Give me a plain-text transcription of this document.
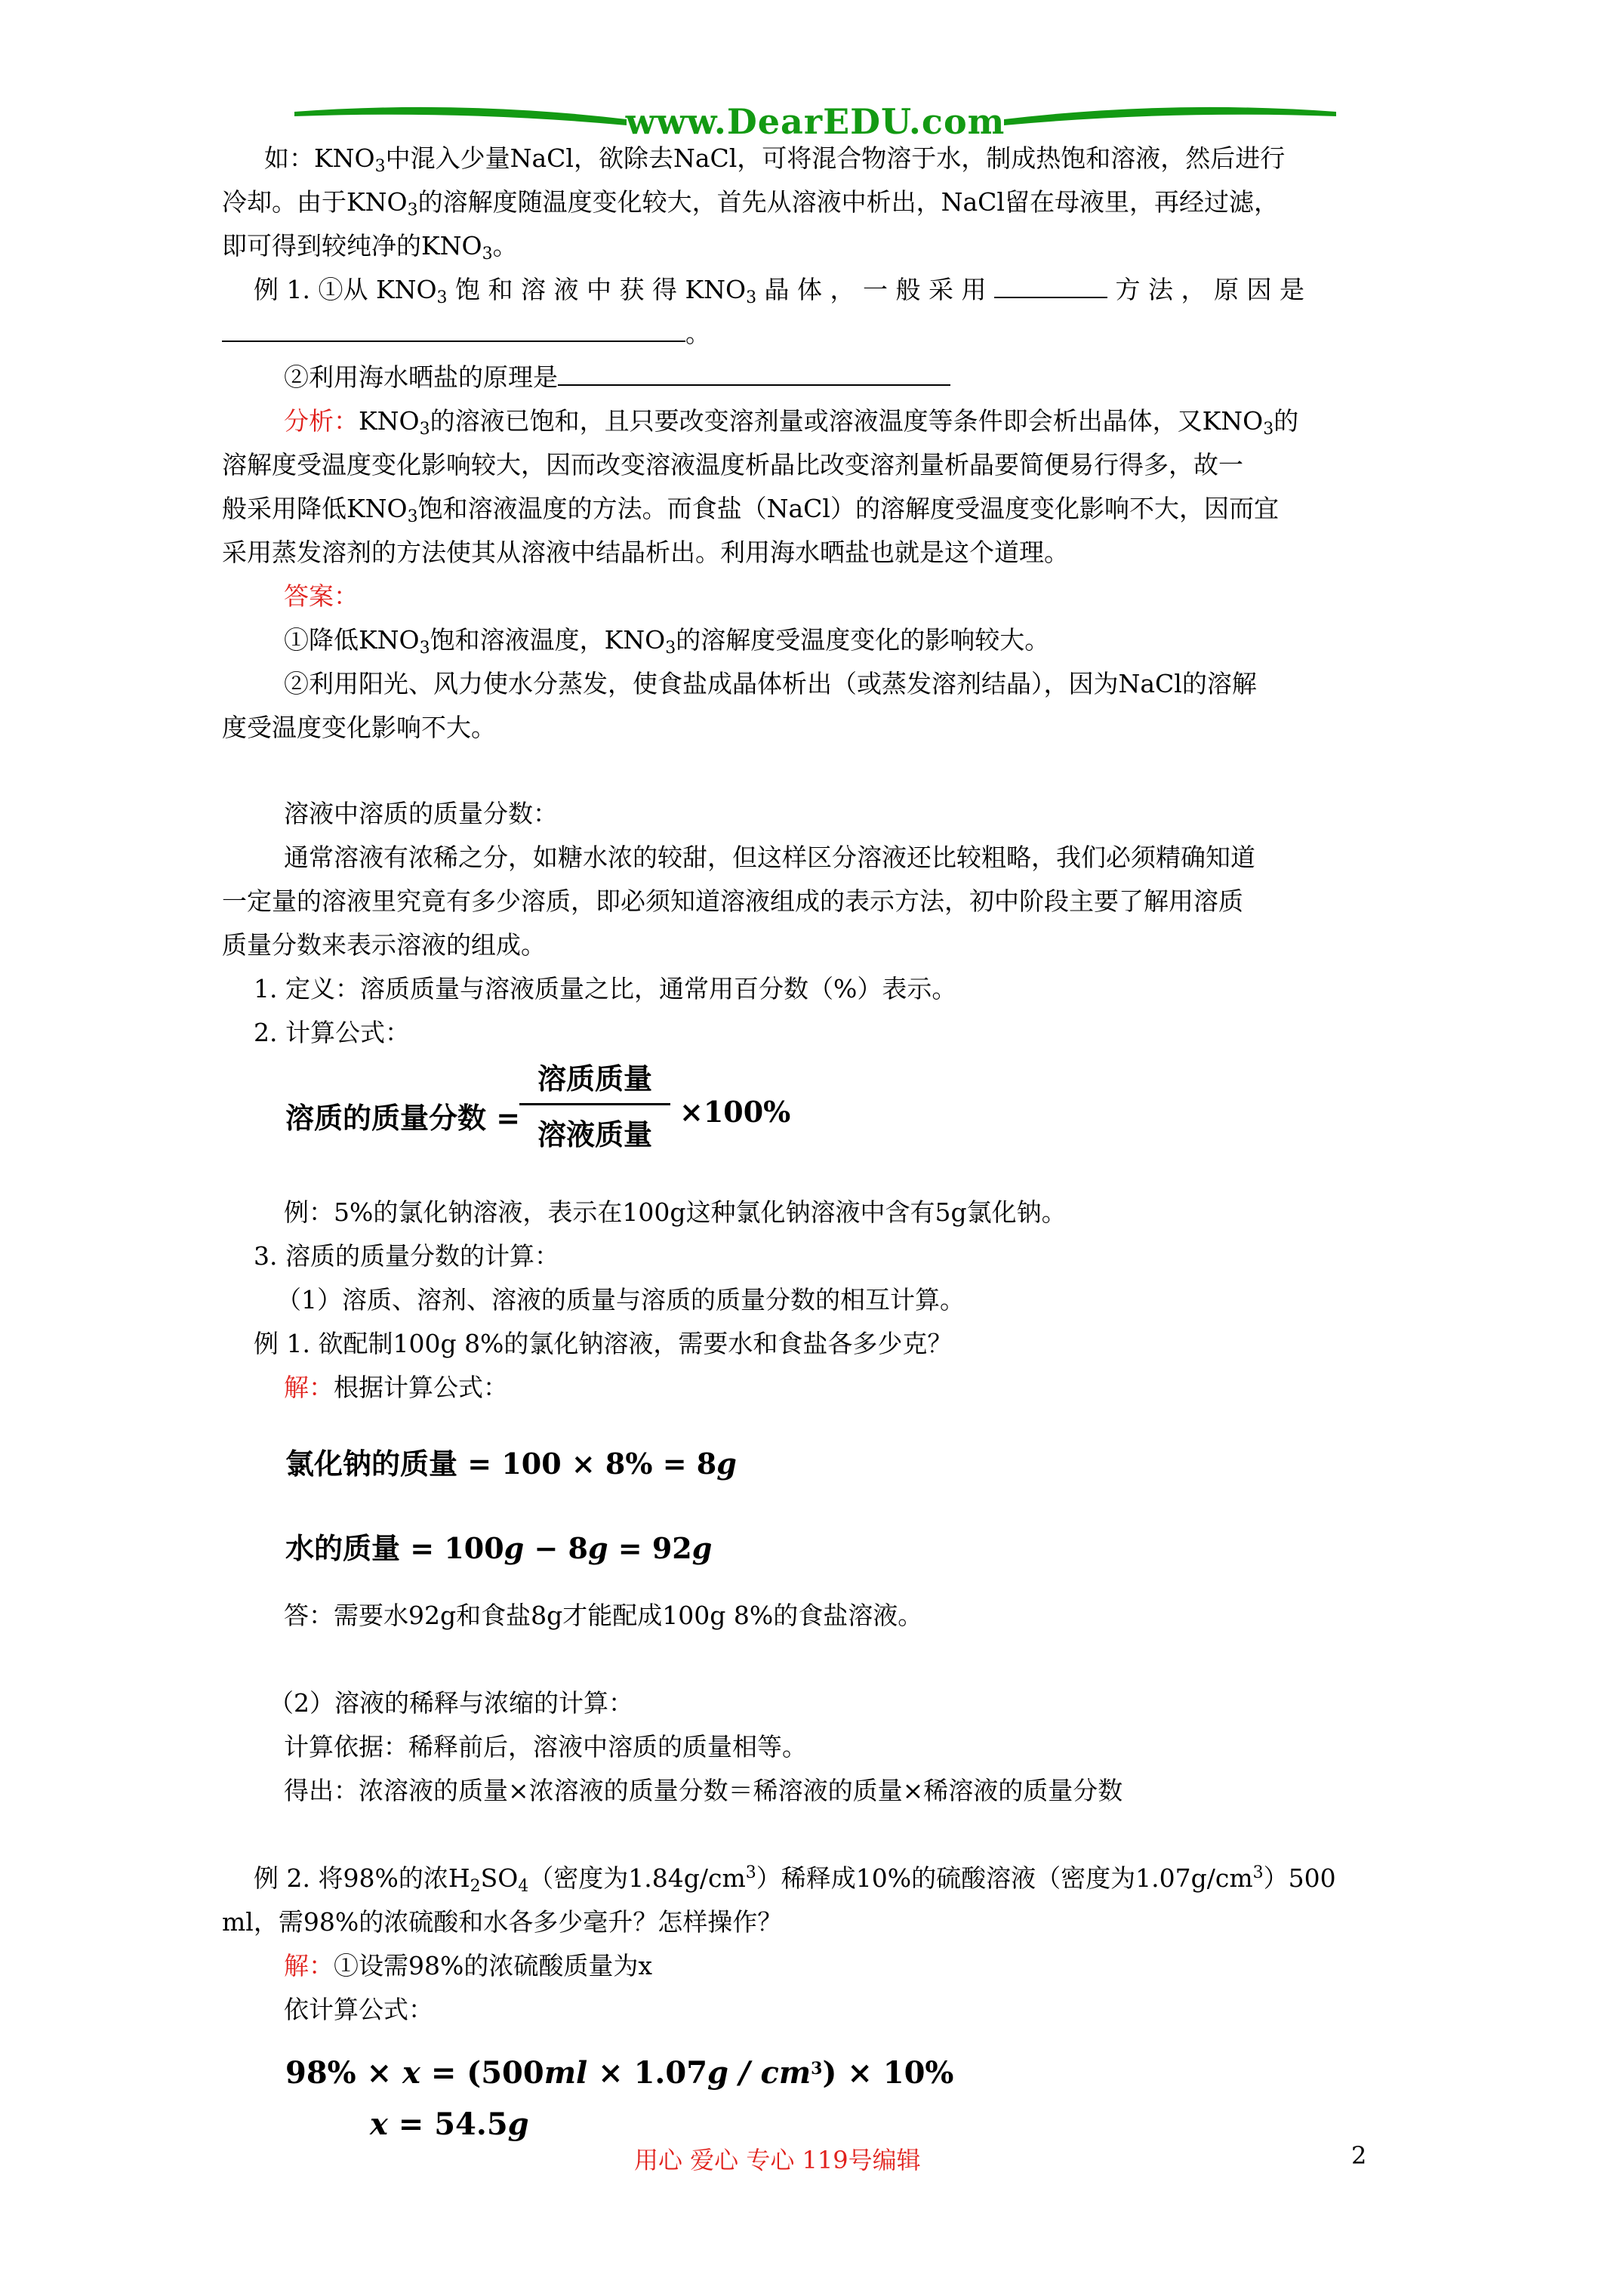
www.DearEDU.com
如：$KNO_3$中混入少量NaCl，欲除去NaCl，可将混合物溶于水，制成热饱和溶液，然后进行
冷却。由于$KNO_3$的溶解度随温度变化较大，首先从溶液中析出，NaCl留在母液里，再经过滤，
即可得到较纯净的$KNO_3$。
例 1. ①从 $KNO_3$ 饱 和 溶 液 中 获 得 $KNO_3$ 晶 体 ， 一 般 采 用	方 法 ， 原 因 是
。
②利用海水晒盐的原理是
分析：$KNO_3$的溶液已饱和，且只要改变溶剂量或溶液温度等条件即会析出晶体，又$KNO_3$的
溶解度受温度变化影响较大，因而改变溶液温度析晶比改变溶剂量析晶要简便易行得多，故一
般采用降低$KNO_3$饱和溶液温度的方法。而食盐（NaCl）的溶解度受温度变化影响不大，因而宜
采用蒸发溶剂的方法使其从溶液中结晶析出。利用海水晒盐也就是这个道理。
答案：
①降低$KNO_3$饱和溶液温度，$KNO_3$的溶解度受温度变化的影响较大。
②利用阳光、风力使水分蒸发，使食盐成晶体析出（或蒸发溶剂结晶），因为NaCl的溶解
度受温度变化影响不大。
溶液中溶质的质量分数：
通常溶液有浓稀之分，如糖水浓的较甜，但这样区分溶液还比较粗略，我们必须精确知道
一定量的溶液里究竟有多少溶质，即必须知道溶液组成的表示方法，初中阶段主要了解用溶质
质量分数来表示溶液的组成。
1. 定义：溶质质量与溶液质量之比，通常用百分数（%）表示。
2. 计算公式：
溶质的质量分数 =
溶质质量
溶液质量
×100%
例：5%的氯化钠溶液，表示在100g这种氯化钠溶液中含有5g氯化钠。
3. 溶质的质量分数的计算：
（1）溶质、溶剂、溶液的质量与溶质的质量分数的相互计算。
例 1. 欲配制100g 8%的氯化钠溶液，需要水和食盐各多少克？
解：根据计算公式：
氯化钠的质量 = 100 × 8% = 8g
水的质量 = 100g − 8g = 92g
答：需要水92g和食盐8g才能配成100g 8%的食盐溶液。
（2）溶液的稀释与浓缩的计算：
计算依据：稀释前后，溶液中溶质的质量相等。
得出：浓溶液的质量×浓溶液的质量分数＝稀溶液的质量×稀溶液的质量分数
例 2. 将98%的浓$H_2SO_4$（密度为$1.84g/cm^3$）稀释成10%的硫酸溶液（密度为$1.07g/cm^3)500$
ml，需98%的浓硫酸和水各多少毫升？怎样操作？
解：①设需98%的浓硫酸质量为x
依计算公式：
$98\% \times x = (500ml \times 1.07g / cm^3) \times 10\%$
x = 54.5g
用心 爱心 专心 119号编辑	2
